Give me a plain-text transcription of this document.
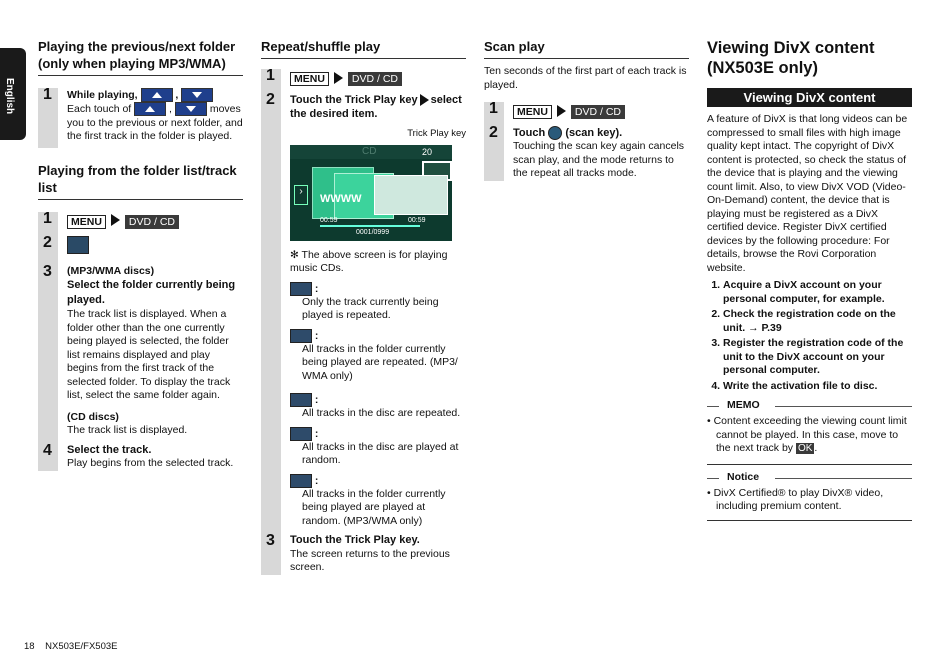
English
Playing the previous/next folder (only when playing MP3/WMA)
1 While playing,	,
Each touch of	,	moves you to the previous or next folder, and the first track in the folder is played.
Playing from the folder list/track list
1 MENU	DVD / CD
2
3 (MP3/WMA discs)
Select the folder currently being played.
The track list is displayed. When a folder other than the one currently being played is selected, the folder list remains displayed and play begins from the first track of the selected folder. To display the track list, select the same folder again.
(CD discs)
The track list is displayed.
4 Select the track.
Play begins from the selected track.
Repeat/shuffle play
1 MENU	DVD / CD
2 Touch the Trick Play key select the desired item.
Trick Play key
CD	20
›
WWWW
00:59	00:59
0001/0999
✻ The above screen is for playing music CDs.
:
Only the track currently being played is repeated.
:
All tracks in the folder currently being played are repeated. (MP3/ WMA only)
:
All tracks in the disc are repeated.
:
All tracks in the disc are played at random.
:
All tracks in the folder currently being played are played at random. (MP3/WMA only)
3 Touch the Trick Play key.
The screen returns to the previous screen.
Scan play

Ten seconds of the first part of each track is played.

1 MENU	DVD / CD
2 Touch (scan key).
Touching the scan key again cancels scan play, and the mode returns to the repeat all tracks mode.
Viewing DivX content (NX503E only)
Viewing DivX content

A feature of DivX is that long videos can be compressed to small files with high image quality kept intact. The copyright of DivX content is protected, so check the status of the device that is playing and the viewing count limit. Also, to view DivX VOD (Video-On-Demand) content, the device that is playing must be registered as a DivX certified device. Register DivX certified devices by the following procedure: For details, browse the Rovi Corporation website.

1. Acquire a DivX account on your personal computer, for example.
2. Check the registration code on the unit. → P.39
3. Register the registration code of the unit to the DivX account on your personal computer.
4. Write the activation file to disc.
MEMO
• Content exceeding the viewing count limit cannot be played. In this case, move to the next track by OK .
Notice
• DivX Certified® to play DivX® video, including premium content.
18 NX503E/FX503E
